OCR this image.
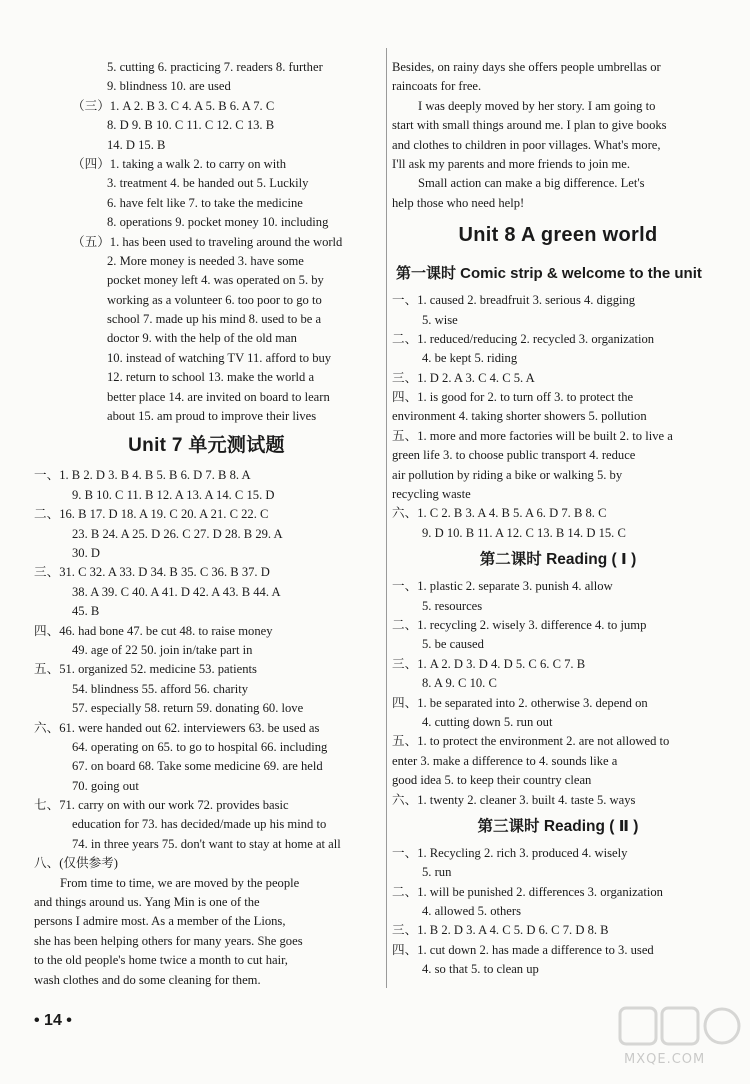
5. cutting 6. practicing 7. readers 8. further
9. blindness 10. are used
（三）1. A 2. B 3. C 4. A 5. B 6. A 7. C
8. D 9. B 10. C 11. C 12. C 13. B
14. D 15. B
（四）1. taking a walk 2. to carry on with
3. treatment 4. be handed out 5. Luckily
6. have felt like 7. to take the medicine
8. operations 9. pocket money 10. including
（五）1. has been used to traveling around the world
2. More money is needed 3. have some
pocket money left 4. was operated on 5. by
working as a volunteer 6. too poor to go to
school 7. made up his mind 8. used to be a
doctor 9. with the help of the old man
10. instead of watching TV 11. afford to buy
12. return to school 13. make the world a
better place 14. are invited on board to learn
about 15. am proud to improve their lives
Unit 7 单元测试题
一、1. B 2. D 3. B 4. B 5. B 6. D 7. B 8. A
9. B 10. C 11. B 12. A 13. A 14. C 15. D
二、16. B 17. D 18. A 19. C 20. A 21. C 22. C
23. B 24. A 25. D 26. C 27. D 28. B 29. A
30. D
三、31. C 32. A 33. D 34. B 35. C 36. B 37. D
38. A 39. C 40. A 41. D 42. A 43. B 44. A
45. B
四、46. had bone 47. be cut 48. to raise money
49. age of 22 50. join in/take part in
五、51. organized 52. medicine 53. patients
54. blindness 55. afford 56. charity
57. especially 58. return 59. donating 60. love
六、61. were handed out 62. interviewers 63. be used as
64. operating on 65. to go to hospital 66. including
67. on board 68. Take some medicine 69. are held
70. going out
七、71. carry on with our work 72. provides basic
education for 73. has decided/made up his mind to
74. in three years 75. don't want to stay at home at all
八、(仅供参考)
From time to time, we are moved by the people
and things around us. Yang Min is one of the
persons I admire most. As a member of the Lions,
she has been helping others for many years. She goes
to the old people's home twice a month to cut hair,
wash clothes and do some cleaning for them.
Besides, on rainy days she offers people umbrellas or
raincoats for free.
I was deeply moved by her story. I am going to
start with small things around me. I plan to give books
and clothes to children in poor villages. What's more,
I'll ask my parents and more friends to join me.
Small action can make a big difference. Let's
help those who need help!
Unit 8 A green world
第一课时 Comic strip & welcome to the unit
一、1. caused 2. breadfruit 3. serious 4. digging
5. wise
二、1. reduced/reducing 2. recycled 3. organization
4. be kept 5. riding
三、1. D 2. A 3. C 4. C 5. A
四、1. is good for 2. to turn off 3. to protect the
environment 4. taking shorter showers 5. pollution
五、1. more and more factories will be built 2. to live a
green life 3. to choose public transport 4. reduce
air pollution by riding a bike or walking 5. by
recycling waste
六、1. C 2. B 3. A 4. B 5. A 6. D 7. B 8. C
9. D 10. B 11. A 12. C 13. B 14. D 15. C
第二课时 Reading ( Ⅰ )
一、1. plastic 2. separate 3. punish 4. allow
5. resources
二、1. recycling 2. wisely 3. difference 4. to jump
5. be caused
三、1. A 2. D 3. D 4. D 5. C 6. C 7. B
8. A 9. C 10. C
四、1. be separated into 2. otherwise 3. depend on
4. cutting down 5. run out
五、1. to protect the environment 2. are not allowed to
enter 3. make a difference to 4. sounds like a
good idea 5. to keep their country clean
六、1. twenty 2. cleaner 3. built 4. taste 5. ways
第三课时 Reading ( Ⅱ )
一、1. Recycling 2. rich 3. produced 4. wisely
5. run
二、1. will be punished 2. differences 3. organization
4. allowed 5. others
三、1. B 2. D 3. A 4. C 5. D 6. C 7. D 8. B
四、1. cut down 2. has made a difference to 3. used
4. so that 5. to clean up
• 14 •
MXQE.COM
